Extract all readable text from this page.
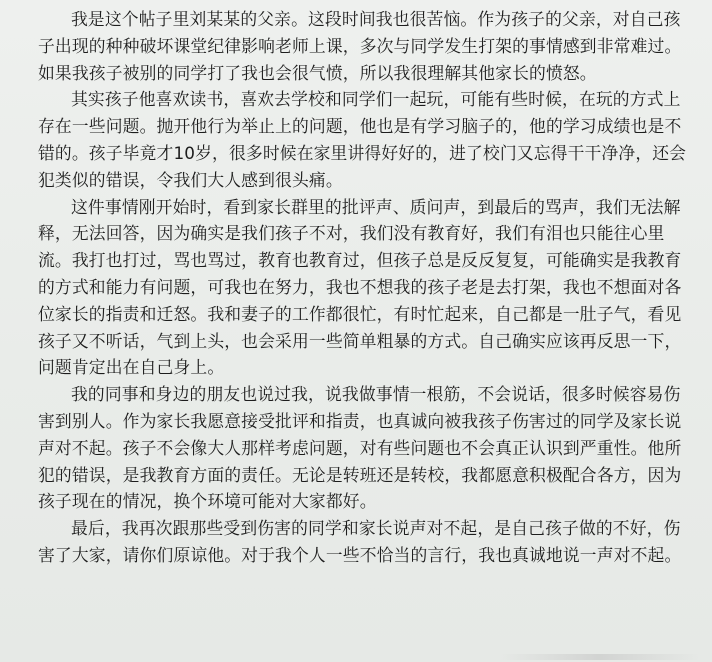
我是这个帖子里刘某某的父亲。这段时间我也很苦恼。作为孩子的父亲，对自己孩子出现的种种破坏课堂纪律影响老师上课，多次与同学发生打架的事情感到非常难过。如果我孩子被别的同学打了我也会很气愤，所以我很理解其他家长的愤怒。

其实孩子他喜欢读书，喜欢去学校和同学们一起玩，可能有些时候，在玩的方式上存在一些问题。抛开他行为举止上的问题，他也是有学习脑子的，他的学习成绩也是不错的。孩子毕竟才10岁，很多时候在家里讲得好好的，进了校门又忘得干干净净，还会犯类似的错误，令我们大人感到很头痛。

这件事情刚开始时，看到家长群里的批评声、质问声，到最后的骂声，我们无法解释，无法回答，因为确实是我们孩子不对，我们没有教育好，我们有泪也只能往心里流。我打也打过，骂也骂过，教育也教育过，但孩子总是反反复复，可能确实是我教育的方式和能力有问题，可我也在努力，我也不想我的孩子老是去打架，我也不想面对各位家长的指责和迁怒。我和妻子的工作都很忙，有时忙起来，自己都是一肚子气，看见孩子又不听话，气到上头，也会采用一些简单粗暴的方式。自己确实应该再反思一下，问题肯定出在自己身上。

我的同事和身边的朋友也说过我，说我做事情一根筋，不会说话，很多时候容易伤害到别人。作为家长我愿意接受批评和指责，也真诚向被我孩子伤害过的同学及家长说声对不起。孩子不会像大人那样考虑问题，对有些问题也不会真正认识到严重性。他所犯的错误，是我教育方面的责任。无论是转班还是转校，我都愿意积极配合各方，因为孩子现在的情况，换个环境可能对大家都好。

最后，我再次跟那些受到伤害的同学和家长说声对不起，是自己孩子做的不好，伤害了大家，请你们原谅他。对于我个人一些不恰当的言行，我也真诚地说一声对不起。
